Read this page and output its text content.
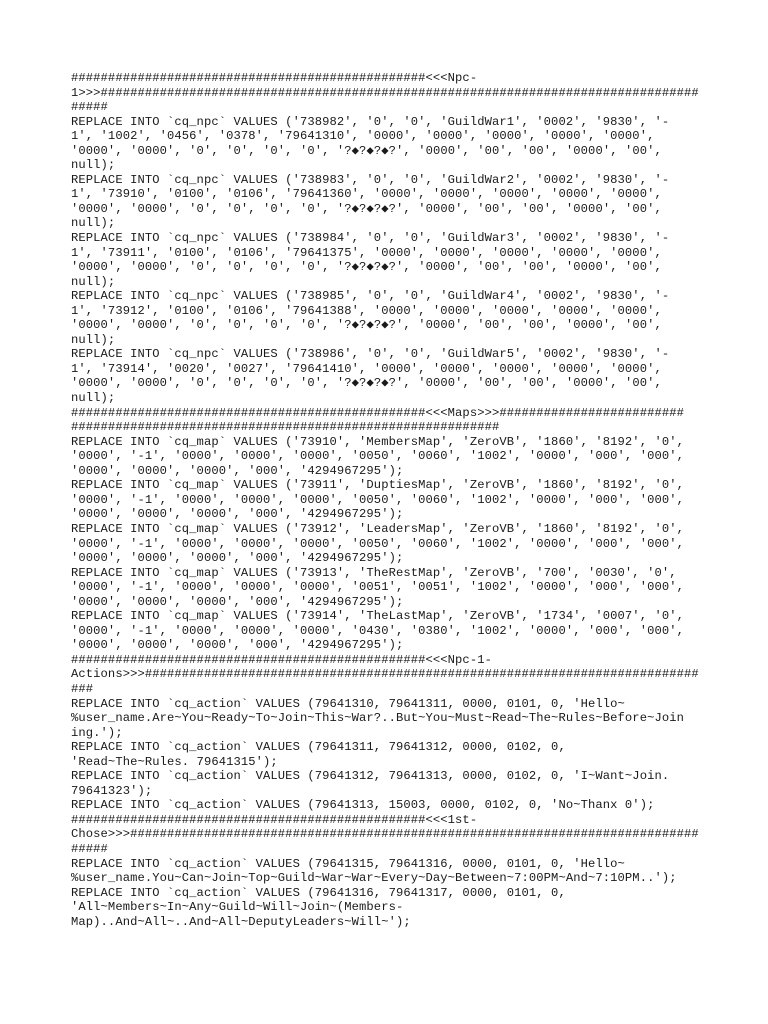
################################################<<<Npc-
1>>>#################################################################################
#####
REPLACE INTO `cq_npc` VALUES ('738982', '0', '0', 'GuildWar1', '0002', '9830', '-
1', '1002', '0456', '0378', '79641310', '0000', '0000', '0000', '0000', '0000',
'0000', '0000', '0', '0', '0', '0', '?◆?◆?◆?', '0000', '00', '00', '0000', '00',
null);
REPLACE INTO `cq_npc` VALUES ('738983', '0', '0', 'GuildWar2', '0002', '9830', '-
1', '73910', '0100', '0106', '79641360', '0000', '0000', '0000', '0000', '0000',
'0000', '0000', '0', '0', '0', '0', '?◆?◆?◆?', '0000', '00', '00', '0000', '00',
null);
REPLACE INTO `cq_npc` VALUES ('738984', '0', '0', 'GuildWar3', '0002', '9830', '-
1', '73911', '0100', '0106', '79641375', '0000', '0000', '0000', '0000', '0000',
'0000', '0000', '0', '0', '0', '0', '?◆?◆?◆?', '0000', '00', '00', '0000', '00',
null);
REPLACE INTO `cq_npc` VALUES ('738985', '0', '0', 'GuildWar4', '0002', '9830', '-
1', '73912', '0100', '0106', '79641388', '0000', '0000', '0000', '0000', '0000',
'0000', '0000', '0', '0', '0', '0', '?◆?◆?◆?', '0000', '00', '00', '0000', '00',
null);
REPLACE INTO `cq_npc` VALUES ('738986', '0', '0', 'GuildWar5', '0002', '9830', '-
1', '73914', '0020', '0027', '79641410', '0000', '0000', '0000', '0000', '0000',
'0000', '0000', '0', '0', '0', '0', '?◆?◆?◆?', '0000', '00', '00', '0000', '00',
null);
################################################<<<Maps>>>#########################
##########################################################
REPLACE INTO `cq_map` VALUES ('73910', 'MembersMap', 'ZeroVB', '1860', '8192', '0',
'0000', '-1', '0000', '0000', '0000', '0050', '0060', '1002', '0000', '000', '000',
'0000', '0000', '0000', '000', '4294967295');
REPLACE INTO `cq_map` VALUES ('73911', 'DuptiesMap', 'ZeroVB', '1860', '8192', '0',
'0000', '-1', '0000', '0000', '0000', '0050', '0060', '1002', '0000', '000', '000',
'0000', '0000', '0000', '000', '4294967295');
REPLACE INTO `cq_map` VALUES ('73912', 'LeadersMap', 'ZeroVB', '1860', '8192', '0',
'0000', '-1', '0000', '0000', '0000', '0050', '0060', '1002', '0000', '000', '000',
'0000', '0000', '0000', '000', '4294967295');
REPLACE INTO `cq_map` VALUES ('73913', 'TheRestMap', 'ZeroVB', '700', '0030', '0',
'0000', '-1', '0000', '0000', '0000', '0051', '0051', '1002', '0000', '000', '000',
'0000', '0000', '0000', '000', '4294967295');
REPLACE INTO `cq_map` VALUES ('73914', 'TheLastMap', 'ZeroVB', '1734', '0007', '0',
'0000', '-1', '0000', '0000', '0000', '0430', '0380', '1002', '0000', '000', '000',
'0000', '0000', '0000', '000', '4294967295');
################################################<<<Npc-1-
Actions>>>###########################################################################
###
REPLACE INTO `cq_action` VALUES (79641310, 79641311, 0000, 0101, 0, 'Hello~
%user_name.Are~You~Ready~To~Join~This~War?..But~You~Must~Read~The~Rules~Before~Join
ing.');
REPLACE INTO `cq_action` VALUES (79641311, 79641312, 0000, 0102, 0,
'Read~The~Rules. 79641315');
REPLACE INTO `cq_action` VALUES (79641312, 79641313, 0000, 0102, 0, 'I~Want~Join.
79641323');
REPLACE INTO `cq_action` VALUES (79641313, 15003, 0000, 0102, 0, 'No~Thanx 0');
################################################<<<1st-
Chose>>>#############################################################################
#####
REPLACE INTO `cq_action` VALUES (79641315, 79641316, 0000, 0101, 0, 'Hello~
%user_name.You~Can~Join~Top~Guild~War~War~Every~Day~Between~7:00PM~And~7:10PM..');
REPLACE INTO `cq_action` VALUES (79641316, 79641317, 0000, 0101, 0,
'All~Members~In~Any~Guild~Will~Join~(Members-
Map)..And~All~..And~All~DeputyLeaders~Will~');
